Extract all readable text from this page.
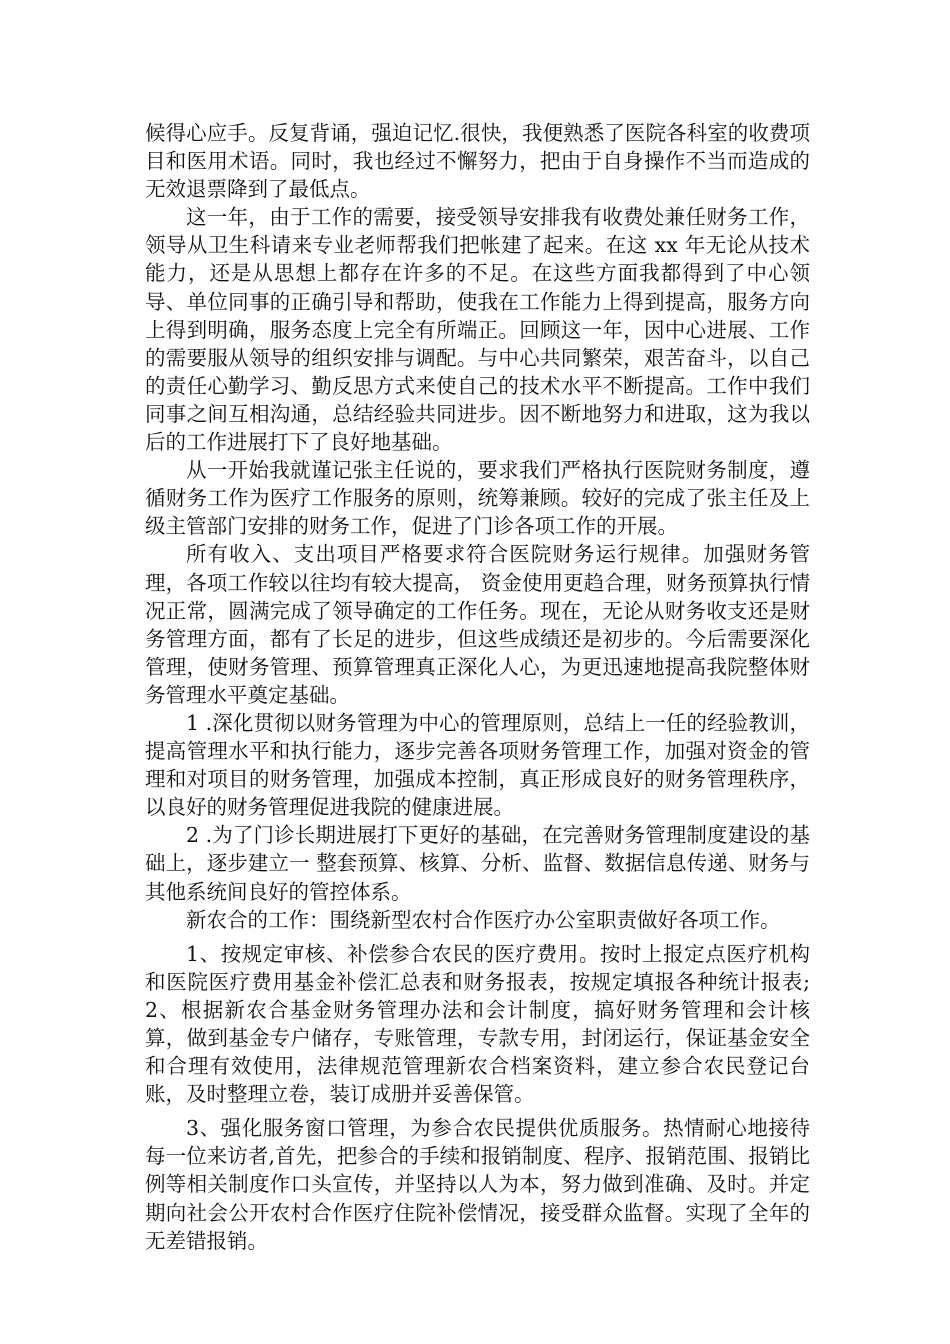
候得心应手。反复背诵，强迫记忆.很快，我便熟悉了医院各科室的收费项目和医用术语。同时，我也经过不懈努力，把由于自身操作不当而造成的无效退票降到了最低点。

这一年，由于工作的需要，接受领导安排我有收费处兼任财务工作，领导从卫生科请来专业老师帮我们把帐建了起来。在这 xx 年无论从技术能力，还是从思想上都存在许多的不足。在这些方面我都得到了中心领导、单位同事的正确引导和帮助，使我在工作能力上得到提高，服务方向上得到明确，服务态度上完全有所端正。回顾这一年，因中心进展、工作的需要服从领导的组织安排与调配。与中心共同繁荣，艰苦奋斗，以自己的责任心勤学习、勤反思方式来使自己的技术水平不断提高。工作中我们同事之间互相沟通，总结经验共同进步。因不断地努力和进取，这为我以后的工作进展打下了良好地基础。

从一开始我就谨记张主任说的，要求我们严格执行医院财务制度，遵循财务工作为医疗工作服务的原则，统筹兼顾。较好的完成了张主任及上级主管部门安排的财务工作，促进了门诊各项工作的开展。

所有收入、支出项目严格要求符合医院财务运行规律。加强财务管理，各项工作较以往均有较大提高， 资金使用更趋合理，财务预算执行情况正常，圆满完成了领导确定的工作任务。现在，无论从财务收支还是财务管理方面，都有了长足的进步，但这些成绩还是初步的。今后需要深化管理，使财务管理、预算管理真正深化人心，为更迅速地提高我院整体财务管理水平奠定基础。

1 .深化贯彻以财务管理为中心的管理原则，总结上一任的经验教训，提高管理水平和执行能力，逐步完善各项财务管理工作，加强对资金的管理和对项目的财务管理，加强成本控制，真正形成良好的财务管理秩序，以良好的财务管理促进我院的健康进展。

2 .为了门诊长期进展打下更好的基础，在完善财务管理制度建设的基础上，逐步建立一 整套预算、核算、分析、监督、数据信息传递、财务与其他系统间良好的管控体系。

新农合的工作：围绕新型农村合作医疗办公室职责做好各项工作。

1、按规定审核、补偿参合农民的医疗费用。按时上报定点医疗机构和医院医疗费用基金补偿汇总表和财务报表，按规定填报各种统计报表; 2、根据新农合基金财务管理办法和会计制度，搞好财务管理和会计核算，做到基金专户储存，专账管理，专款专用，封闭运行，保证基金安全和合理有效使用，法律规范管理新农合档案资料，建立参合农民登记台账，及时整理立卷，装订成册并妥善保管。

3、强化服务窗口管理，为参合农民提供优质服务。热情耐心地接待每一位来访者,首先，把参合的手续和报销制度、程序、报销范围、报销比例等相关制度作口头宣传，并坚持以人为本，努力做到准确、及时。并定期向社会公开农村合作医疗住院补偿情况，接受群众监督。实现了全年的无差错报销。
